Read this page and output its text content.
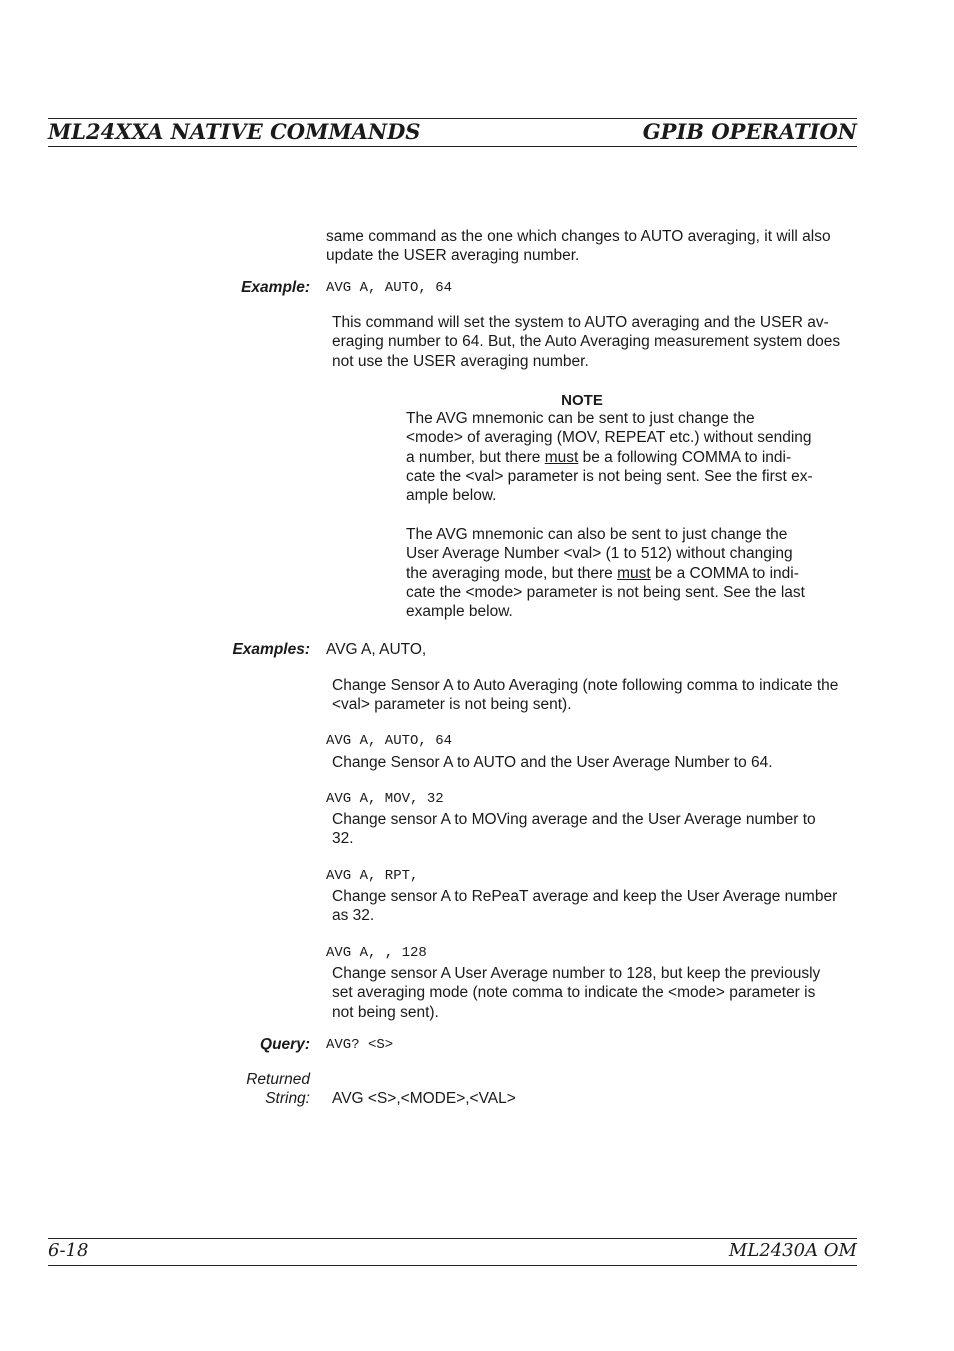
ML24XXA NATIVE COMMANDS	GPIB OPERATION
same command as the one which changes to AUTO averaging, it will also
update the USER averaging number.
Example: AVG A, AUTO, 64
This command will set the system to AUTO averaging and the USER av-
eraging number to 64. But, the Auto Averaging measurement system does
not use the USER averaging number.
NOTE
The AVG mnemonic can be sent to just change the
<mode> of averaging (MOV, REPEAT etc.) without sending
a number, but there must be a following COMMA to indi-
cate the <val> parameter is not being sent. See the first ex-
ample below.
The AVG mnemonic can also be sent to just change the
User Average Number <val> (1 to 512) without changing
the averaging mode, but there must be a COMMA to indi-
cate the <mode> parameter is not being sent. See the last
example below.
Examples: AVG A, AUTO,
Change Sensor A to Auto Averaging (note following comma to indicate the
<val> parameter is not being sent).
AVG A, AUTO, 64
Change Sensor A to AUTO and the User Average Number to 64.
AVG A, MOV, 32
Change sensor A to MOVing average and the User Average number to
32.
AVG A, RPT,
Change sensor A to RePeaT average and keep the User Average number
as 32.
AVG A, , 128
Change sensor A User Average number to 128, but keep the previously
set averaging mode (note comma to indicate the <mode> parameter is
not being sent).
Query: AVG? <S>
Returned
String: AVG <S>,<MODE>,<VAL>
6-18	ML2430A OM
